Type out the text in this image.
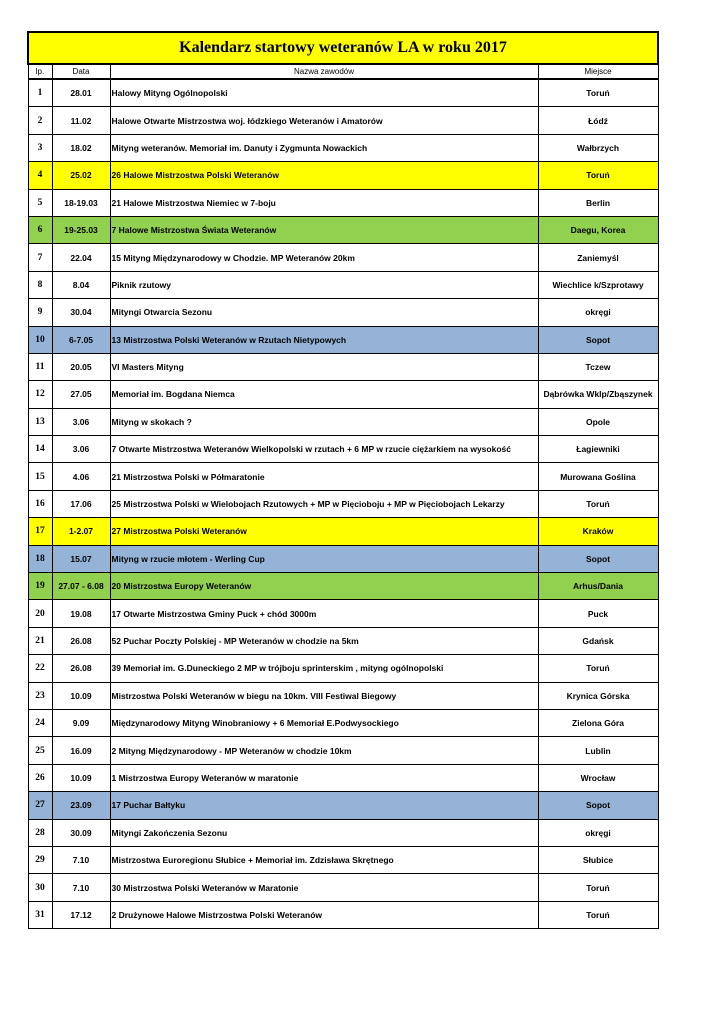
Kalendarz startowy weteranów LA w roku 2017			
lp.	Data	Nazwa zawodów	Miejsce
1	28.01	Halowy Mityng Ogólnopolski	Toruń
2	11.02	Halowe Otwarte Mistrzostwa woj. łódzkiego Weteranów i Amatorów	Łódź
3	18.02	Mityng weteranów. Memoriał im. Danuty i Zygmunta Nowackich	Wałbrzych
4	25.02	26 Halowe Mistrzostwa Polski Weteranów	Toruń
5	18-19.03	21 Halowe Mistrzostwa Niemiec w 7-boju	Berlin
6	19-25.03	7 Halowe Mistrzostwa Świata Weteranów	Daegu, Korea
7	22.04	15 Mityng Międzynarodowy w Chodzie. MP Weteranów 20km	Zaniemyśl
8	8.04	Piknik rzutowy	Wiechlice k/Szprotawy
9	30.04	Mityngi Otwarcia Sezonu	okręgi
10	6-7.05	13 Mistrzostwa Polski Weteranów w Rzutach Nietypowych	Sopot
11	20.05	VI Masters Mityng	Tczew
12	27.05	Memoriał im. Bogdana Niemca	Dąbrówka Wklp/Zbąszynek
13	3.06	Mityng w skokach ?	Opole
14	3.06	7 Otwarte Mistrzostwa Weteranów Wielkopolski w rzutach + 6 MP w rzucie ciężarkiem na wysokość	Łagiewniki
15	4.06	21 Mistrzostwa Polski w Półmaratonie	Murowana Goślina
16	17.06	25 Mistrzostwa Polski w Wielobojach Rzutowych + MP w Pięcioboju + MP w Pięciobojach Lekarzy	Toruń
17	1-2.07	27 Mistrzostwa Polski Weteranów	Kraków
18	15.07	Mityng w rzucie młotem - Werling Cup	Sopot
19	27.07 - 6.08	20 Mistrzostwa Europy Weteranów	Arhus/Dania
20	19.08	17 Otwarte Mistrzostwa Gminy Puck + chód 3000m	Puck
21	26.08	52 Puchar Poczty Polskiej - MP Weteranów w chodzie na 5km	Gdańsk
22	26.08	39 Memoriał im. G.Duneckiego 2 MP w trójboju sprinterskim , mityng ogólnopolski	Toruń
23	10.09	Mistrzostwa Polski Weteranów w biegu na 10km. VIII Festiwal Biegowy	Krynica Górska
24	9.09	Międzynarodowy Mityng Winobraniowy + 6 Memoriał E.Podwysockiego	Zielona Góra
25	16.09	2 Mityng Międzynarodowy - MP Weteranów w chodzie 10km	Lublin
26	10.09	1 Mistrzostwa Europy Weteranów w maratonie	Wrocław
27	23.09	17 Puchar Bałtyku	Sopot
28	30.09	Mityngi Zakończenia Sezonu	okręgi
29	7.10	Mistrzostwa Euroregionu Słubice + Memoriał im. Zdzisława Skrętnego	Słubice
30	7.10	30 Mistrzostwa Polski Weteranów w Maratonie	Toruń
31	17.12	2 Drużynowe Halowe Mistrzostwa Polski Weteranów	Toruń
